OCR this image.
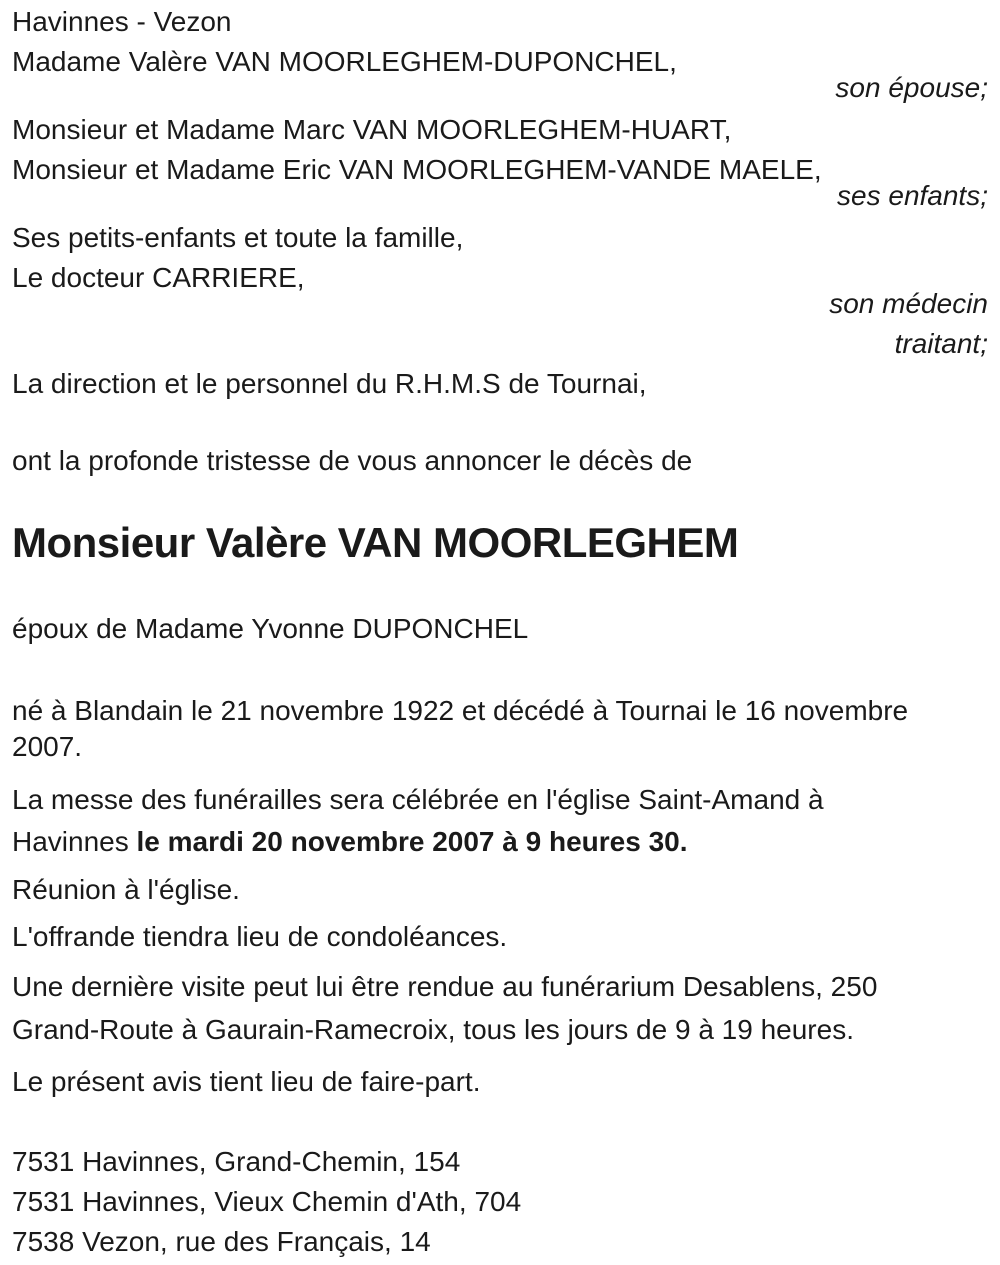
Havinnes - Vezon
Madame Valère VAN MOORLEGHEM-DUPONCHEL,
son épouse;
Monsieur et Madame Marc VAN MOORLEGHEM-HUART,
Monsieur et Madame Eric VAN MOORLEGHEM-VANDE MAELE,
ses enfants;
Ses petits-enfants et toute la famille,
Le docteur CARRIERE,
son médecin
traitant;
La direction et le personnel du R.H.M.S de Tournai,
ont la profonde tristesse de vous annoncer le décès de
Monsieur Valère VAN MOORLEGHEM
époux de Madame Yvonne DUPONCHEL
né à Blandain le 21 novembre 1922 et décédé à Tournai le 16 novembre
2007.
La messe des funérailles sera célébrée en l'église Saint-Amand à
Havinnes le mardi 20 novembre 2007 à 9 heures 30.
Réunion à l'église.
L'offrande tiendra lieu de condoléances.
Une dernière visite peut lui être rendue au funérarium Desablens, 250
Grand-Route à Gaurain-Ramecroix, tous les jours de 9 à 19 heures.
Le présent avis tient lieu de faire-part.
7531 Havinnes, Grand-Chemin, 154
7531 Havinnes, Vieux Chemin d'Ath, 704
7538 Vezon, rue des Français, 14
